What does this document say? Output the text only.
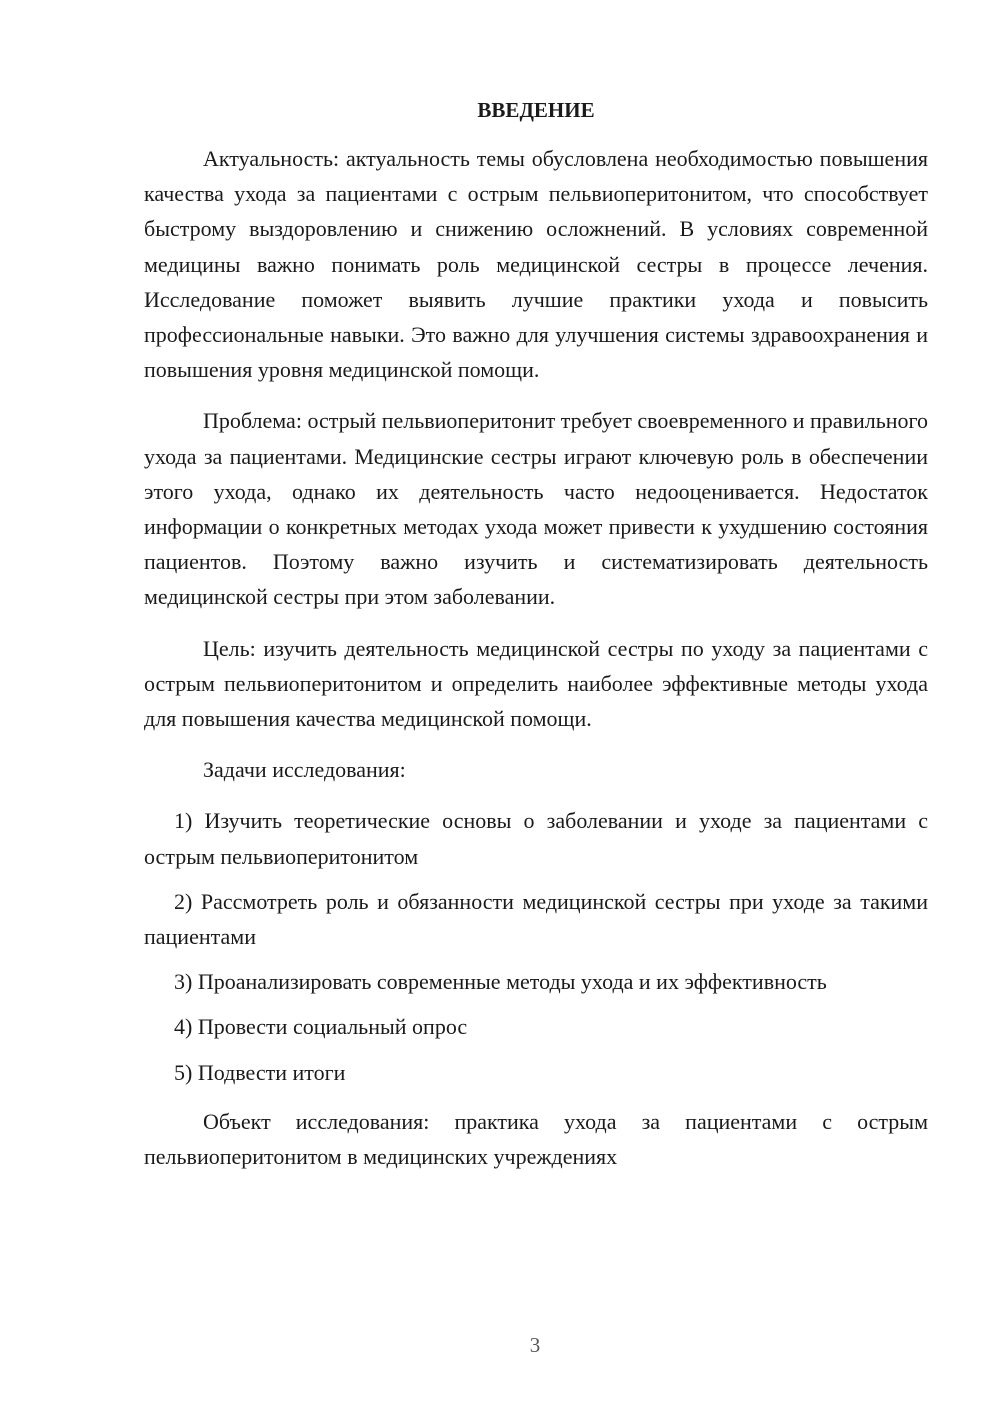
ВВЕДЕНИЕ

Актуальность: актуальность темы обусловлена необходимостью повышения качества ухода за пациентами с острым пельвиоперитонитом, что способствует быстрому выздоровлению и снижению осложнений. В условиях современной медицины важно понимать роль медицинской сестры в процессе лечения. Исследование поможет выявить лучшие практики ухода и повысить профессиональные навыки. Это важно для улучшения системы здравоохранения и повышения уровня медицинской помощи.

Проблема: острый пельвиоперитонит требует своевременного и правильного ухода за пациентами. Медицинские сестры играют ключевую роль в обеспечении этого ухода, однако их деятельность часто недооценивается. Недостаток информации о конкретных методах ухода может привести к ухудшению состояния пациентов. Поэтому важно изучить и систематизировать деятельность медицинской сестры при этом заболевании.

Цель: изучить деятельность медицинской сестры по уходу за пациентами с острым пельвиоперитонитом и определить наиболее эффективные методы ухода для повышения качества медицинской помощи.

Задачи исследования:

1) Изучить теоретические основы о заболевании и уходе за пациентами с острым пельвиоперитонитом

2) Рассмотреть роль и обязанности медицинской сестры при уходе за такими пациентами

3) Проанализировать современные методы ухода и их эффективность

4) Провести социальный опрос

5) Подвести итоги

Объект исследования: практика ухода за пациентами с острым пельвиоперитонитом в медицинских учреждениях

3
